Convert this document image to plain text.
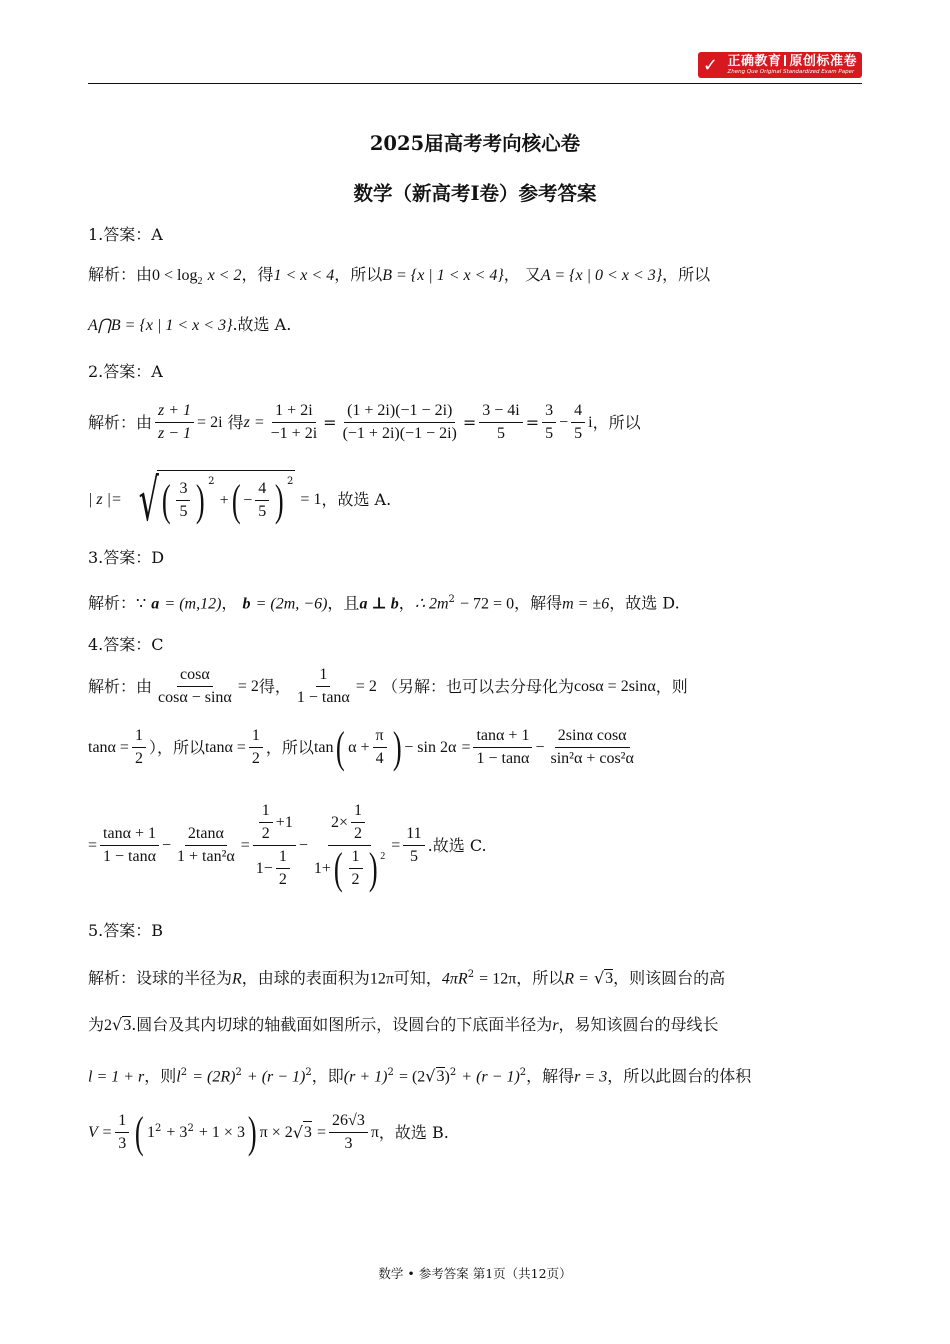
✓ 正确教育 原创标准卷
Zheng Que Original Standardized Exam Paper
2025届高考考向核心卷
数学（新高考I卷）参考答案
1.答案：A
解析：由$0 < \log_2 x < 2$，得1 < x < 4，所以B = {x | 1 < x < 4}， 又A = {x | 0 < x < 3}，所以
A⋂B = {x | 1 < x < 3}.故选 A.
2.答案：A
解析：由 $\frac{z + 1}{z - 1} = 2i$
得 $z = \frac{1 + 2i}{-1 + 2i} = \frac{(1 + 2i)(-1 - 2i)}{(-1 + 2i)(-1 - 2i)} = \frac{3 - 4i}{5} = \frac{3}{5} - \frac{4}{5}$ i ，所以
| z |= √ ( $\frac{3}{5}$ ) $^2$

+ ( − $\frac{4}{5}$ ) $^2$

= 1 ，故选 A.
3.答案：D
解析：∵ a = (m,12)， b = (2m, −6)，且a ⊥ b，∴ $2m^2 - 72 = 0$，解得m = ±6，故选 D.
4.答案：C
解析：由 $\frac{\cos\alpha}{\cos\alpha - \sin\alpha} = 2$ 得， $\frac{1}{1 - \tan\alpha} = 2$
（另解：也可以去分母化为 cosα = 2sinα ，则
$\tan\alpha = \frac{1}{2}$ ），所以 $\tan\alpha = \frac{1}{2}$ ，所以 tan ( $\alpha + \frac{\pi}{4}$ ) − sin 2α
= $\frac{\tan\alpha + 1}{1 - \tan\alpha} - \frac{\text{2sinα cosα}}{\text{sin²α + cos²α}}$
= $\frac{\tan\alpha + 1}{1 - \tan\alpha} - \frac{2\tan\alpha}{\text{1 + tan²α}} = \frac{\frac{1}{2} +1}{1- \frac{1}{2}} - \frac{2\times \frac{1}{2}}{1+ ( \frac{1}{2} ) ^2} = \frac{11}{5}$ .故选 C.
5.答案：B
解析：设球的半径为R，由球的表面积为12π可知，$4\pi R^2 = 12\pi$，所以R = √3，则该圆台的高
为2√3.圆台及其内切球的轴截面如图所示，设圆台的下底面半径为r，易知该圆台的母线长
l = 1 + r，则$l^2 = (2R)^2 + (r - 1)^2$，即$(r + 1)^2 = (2√3)^2 + (r - 1)^2$，解得r = 3，所以此圆台的体积
$V = \frac{1}{3}$ ( $1^2$
+ $3^2$
+ 1 × 3 ) π × 2 √ 3
= $\frac{26√3}{3}$ π ，故选 B.
数学 • 参考答案 第1页（共12页）
